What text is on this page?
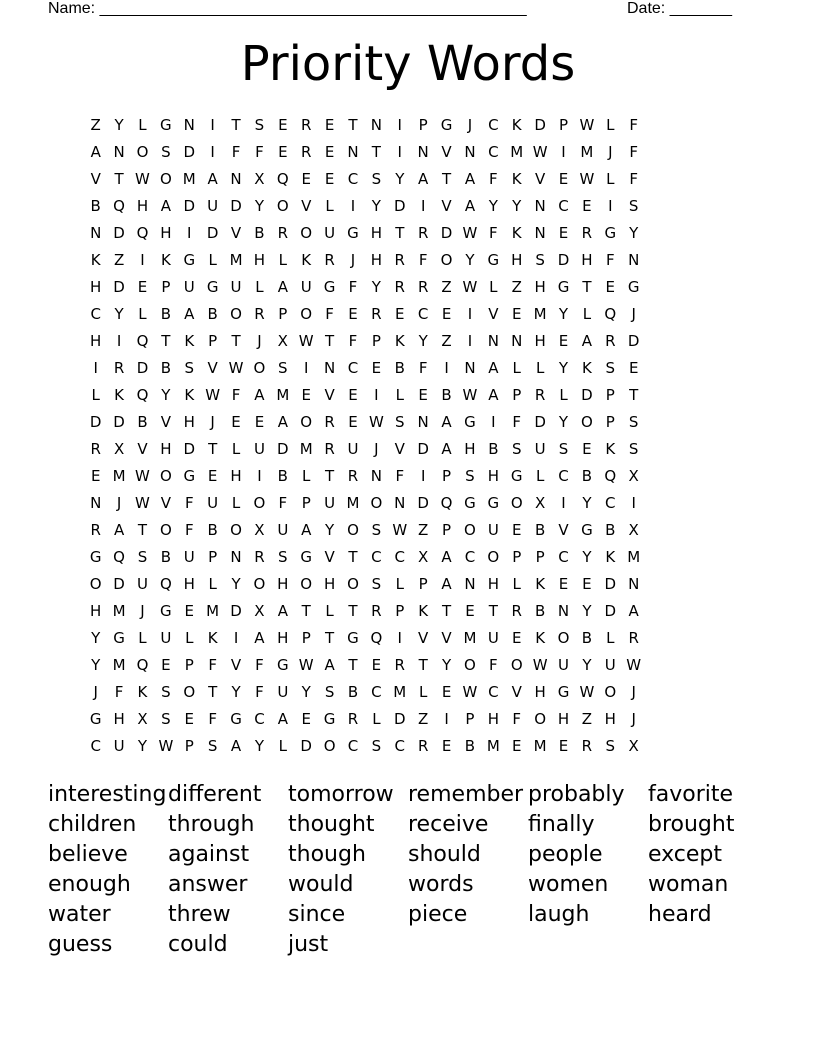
Name: ________________________________________________	Date: _______
Priority Words
Z Y L G N	I	T S E R E T N	I	P G	J	C K D P W L F
A N O S D	I	F F E R E N T	I	N V N C M W I M J	F
V T W O M A N X Q E E C S Y A T A F K V E W L F
B Q H A D U D Y O V L	I	Y D	I	V A Y Y N C E	I	S
N D Q H	I	D V B R O U G H T R D W F K N E R G Y
K Z	I	K G L M H L K R	J	H R F O Y G H S D H F N
H D E P U G U L A U G F Y R R Z W L Z H G T E G
C Y L B A B O R P O F E R E C E	I	V E M Y L Q	J
H	I	Q T K P T	J	X W T F P K Y Z	I	N N H E A R D
I	R D B S V W O S	I	N C E B F	I	N A L	L Y K S E
L K Q Y K W F A M E V E	I	L E B W A P R L D P T
D D B V H	J	E E A O R E W S N A G	I	F D Y O P S
R X V H D T L U D M R U	J	V D A H B S U S E K S
E M W O G E H	I	B L T R N F	I	P S H G L C B Q X
N	J W V F U L O F P U M O N D Q G G O X	I	Y C	I
R A T O F B O X U A Y O S W Z P O U E B V G B X
G Q S B U P N R S G V T C C X A C O P P C Y K M
O D U Q H L Y O H O H O S L P A N H L K E E D N
H M J	G E M D X A T L T R P K T E T R B N Y D A
Y G L U L K	I	A H P T G Q	I	V V M U E K O B L R
Y M Q E P F V F G W A T E R T Y O F O W U Y U W
J	F K S O T Y F U Y S B C M L E W C V H G W O	J
G H X S E F G C A E G R L D Z	I	P H F O H Z H	J
C U Y W P S A Y L D O C S C R E B M E M E R S X
interesting different	tomorrow remember probably	favorite
children	through	thought	receive	finally	brought
believe	against	though	should	people	except
enough	answer	would	words	women	woman
water	threw	since	piece	laugh	heard
guess	could	just
